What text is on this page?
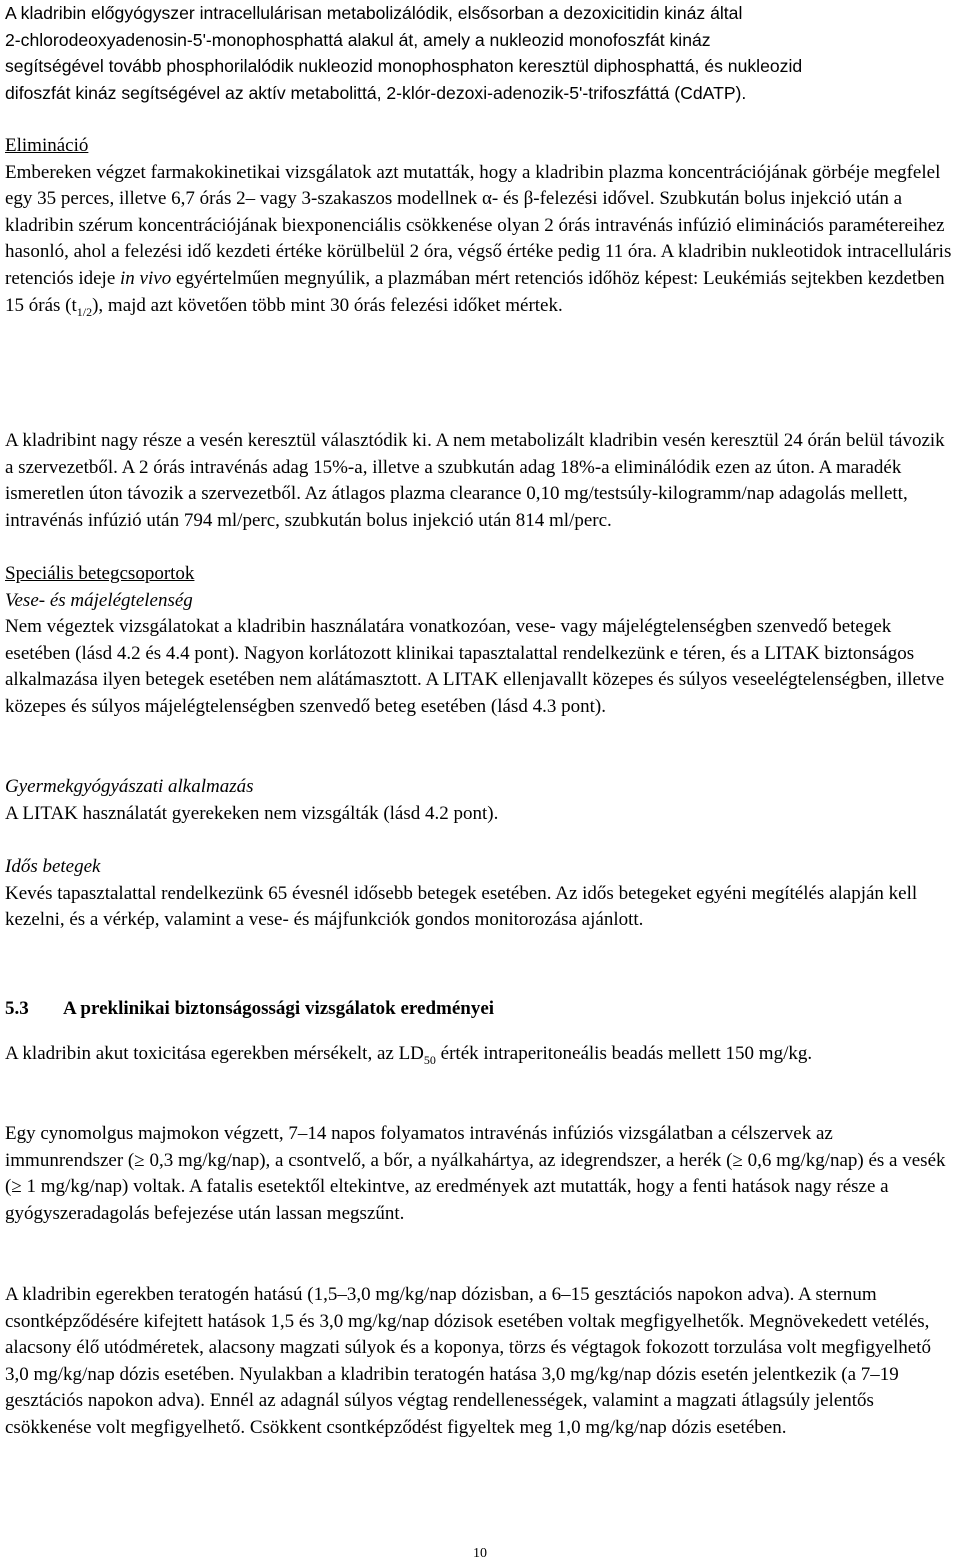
A kladribin előgyógyszer intracellulárisan metabolizálódik, elsősorban a dezoxicitidin kináz által
2-chlorodeoxyadenosin-5'-monophosphattá alakul át, amely a nukleozid monofoszfát kináz
segítségével tovább phosphorilalódik nukleozid monophosphaton keresztül diphosphattá, és nukleozid
difoszfát kináz segítségével az aktív metabolittá, 2-klór-dezoxi-adenozik-5'-trifoszfáttá (CdATP).

Elimináció

Embereken végzet farmakokinetikai vizsgálatok azt mutatták, hogy a kladribin plazma koncentrációjának görbéje megfelel egy 35 perces, illetve 6,7 órás 2– vagy 3-szakaszos modellnek α- és β-felezési idővel. Szubkután bolus injekció után a kladribin szérum koncentrációjának biexponenciális csökkenése olyan 2 órás intravénás infúzió eliminációs paramétereihez hasonló, ahol a felezési idő kezdeti értéke körülbelül 2 óra, végső értéke pedig 11 óra. A kladribin nukleotidok intracelluláris retenciós ideje in vivo egyértelműen megnyúlik, a plazmában mért retenciós időhöz képest: Leukémiás sejtekben kezdetben 15 órás $(t_{1/2})$, majd azt követően több mint 30 órás felezési időket mértek.

A kladribint nagy része a vesén keresztül választódik ki. A nem metabolizált kladribin vesén keresztül 24 órán belül távozik a szervezetből. A 2 órás intravénás adag 15%-a, illetve a szubkután adag 18%-a eliminálódik ezen az úton. A maradék ismeretlen úton távozik a szervezetből. Az átlagos plazma clearance 0,10 mg/testsúly-kilogramm/nap adagolás mellett, intravénás infúzió után 794 ml/perc, szubkután bolus injekció után 814 ml/perc.

Speciális betegcsoportok

Vese- és májelégtelenség

Nem végeztek vizsgálatokat a kladribin használatára vonatkozóan, vese- vagy májelégtelenségben szenvedő betegek esetében (lásd 4.2 és 4.4 pont). Nagyon korlátozott klinikai tapasztalattal rendelkezünk e téren, és a LITAK biztonságos alkalmazása ilyen betegek esetében nem alátámasztott. A LITAK ellenjavallt közepes és súlyos veseelégtelenségben, illetve közepes és súlyos májelégtelenségben szenvedő beteg esetében (lásd 4.3 pont).

Gyermekgyógyászati alkalmazás

A LITAK használatát gyerekeken nem vizsgálták (lásd 4.2 pont).

Idős betegek

Kevés tapasztalattal rendelkezünk 65 évesnél idősebb betegek esetében. Az idős betegeket egyéni megítélés alapján kell kezelni, és a vérkép, valamint a vese- és májfunkciók gondos monitorozása ajánlott.

5.3 A preklinikai biztonságossági vizsgálatok eredményei

A kladribin akut toxicitása egerekben mérsékelt, az $LD_{50}$ érték intraperitoneális beadás mellett 150 mg/kg.

Egy cynomolgus majmokon végzett, 7–14 napos folyamatos intravénás infúziós vizsgálatban a célszervek az immunrendszer (≥ 0,3 mg/kg/nap), a csontvelő, a bőr, a nyálkahártya, az idegrendszer, a herék (≥ 0,6 mg/kg/nap) és a vesék (≥ 1 mg/kg/nap) voltak. A fatalis esetektől eltekintve, az eredmények azt mutatták, hogy a fenti hatások nagy része a gyógyszeradagolás befejezése után lassan megszűnt.

A kladribin egerekben teratogén hatású (1,5–3,0 mg/kg/nap dózisban, a 6–15 gesztációs napokon adva). A sternum csontképződésére kifejtett hatások 1,5 és 3,0 mg/kg/nap dózisok esetében voltak megfigyelhetők. Megnövekedett vetélés, alacsony élő utódméretek, alacsony magzati súlyok és a koponya, törzs és végtagok fokozott torzulása volt megfigyelhető 3,0 mg/kg/nap dózis esetében. Nyulakban a kladribin teratogén hatása 3,0 mg/kg/nap dózis esetén jelentkezik (a 7–19 gesztációs napokon adva). Ennél az adagnál súlyos végtag rendellenességek, valamint a magzati átlagsúly jelentős csökkenése volt megfigyelhető. Csökkent csontképződést figyeltek meg 1,0 mg/kg/nap dózis esetében.

10
